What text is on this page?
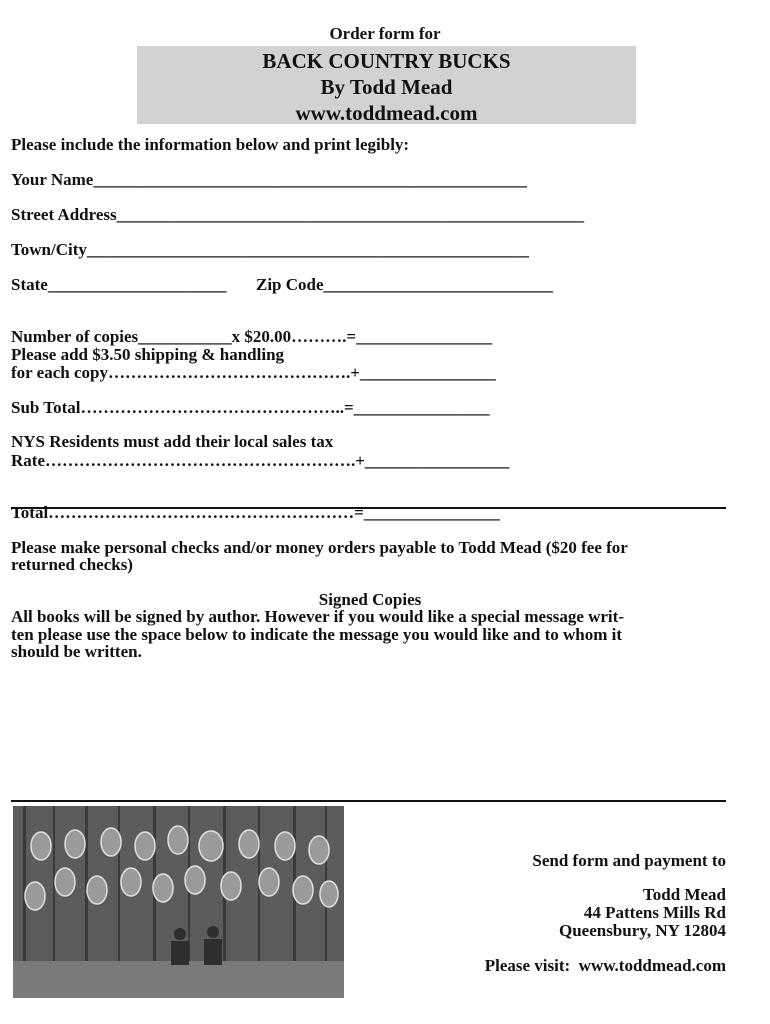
Order form for
BACK COUNTRY BUCKS
By Todd Mead
www.toddmead.com
Please include the information below and print legibly:
Your Name___________________________________________________
Street Address_______________________________________________________
Town/City____________________________________________________
State_____________________ Zip Code___________________________
Number of copies___________x $20.00……….=________________
Please add $3.50 shipping & handling
for each copy…………………………………….+________________
Sub Total………………………………………..=________________
NYS Residents must add their local sales tax
Rate……………………………………………….+_________________
Total………………………………………………=________________
Please make personal checks and/or money orders payable to Todd Mead ($20 fee for
returned checks)
Signed Copies
All books will be signed by author. However if you would like a special message writ-
ten please use the space below to indicate the message you would like and to whom it
should be written.
Send form and payment to
Todd Mead
44 Pattens Mills Rd
Queensbury, NY 12804
Please visit:  www.toddmead.com
